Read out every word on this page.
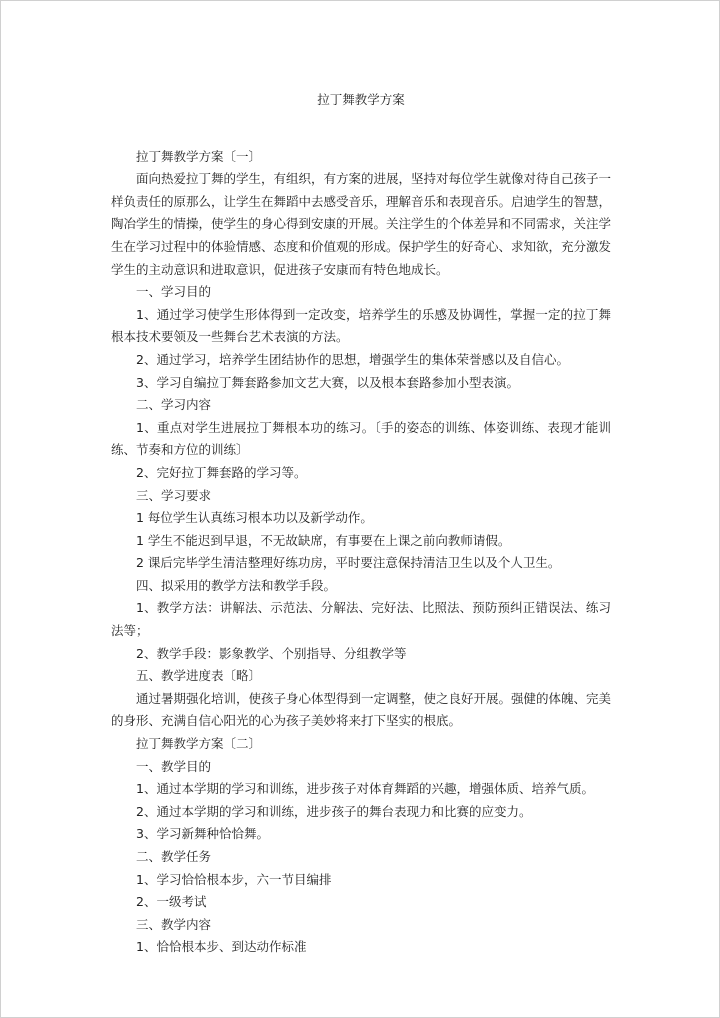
拉丁舞教学方案

拉丁舞教学方案〔一〕

面向热爱拉丁舞的学生，有组织，有方案的进展，坚持对每位学生就像对待自己孩子一样负责任的原那么，让学生在舞蹈中去感受音乐，理解音乐和表现音乐。启迪学生的智慧，陶冶学生的情操，使学生的身心得到安康的开展。关注学生的个体差异和不同需求，关注学生在学习过程中的体验情感、态度和价值观的形成。保护学生的好奇心、求知欲，充分激发学生的主动意识和进取意识，促进孩子安康而有特色地成长。

一、学习目的

1、通过学习使学生形体得到一定改变，培养学生的乐感及协调性，掌握一定的拉丁舞根本技术要领及一些舞台艺术表演的方法。

2、通过学习，培养学生团结协作的思想，增强学生的集体荣誉感以及自信心。

3、学习自编拉丁舞套路参加文艺大赛，以及根本套路参加小型表演。

二、学习内容

1、重点对学生进展拉丁舞根本功的练习。〔手的姿态的训练、体姿训练、表现才能训练、节奏和方位的训练〕

2、完好拉丁舞套路的学习等。

三、学习要求

1 每位学生认真练习根本功以及新学动作。

1 学生不能迟到早退，不无故缺席，有事要在上课之前向教师请假。

2 课后完毕学生清洁整理好练功房，平时要注意保持清洁卫生以及个人卫生。

四、拟采用的教学方法和教学手段。

1、教学方法：讲解法、示范法、分解法、完好法、比照法、预防预纠正错误法、练习法等；

2、教学手段：影象教学、个别指导、分组教学等

五、教学进度表〔略〕

通过暑期强化培训，使孩子身心体型得到一定调整，使之良好开展。强健的体魄、完美的身形、充满自信心阳光的心为孩子美妙将来打下坚实的根底。

拉丁舞教学方案〔二〕

一、教学目的

1、通过本学期的学习和训练，进步孩子对体育舞蹈的兴趣，增强体质、培养气质。

2、通过本学期的学习和训练，进步孩子的舞台表现力和比赛的应变力。

3、学习新舞种恰恰舞。

二、教学任务

1、学习恰恰根本步，六一节目编排

2、一级考试

三、教学内容

1、恰恰根本步、到达动作标准
